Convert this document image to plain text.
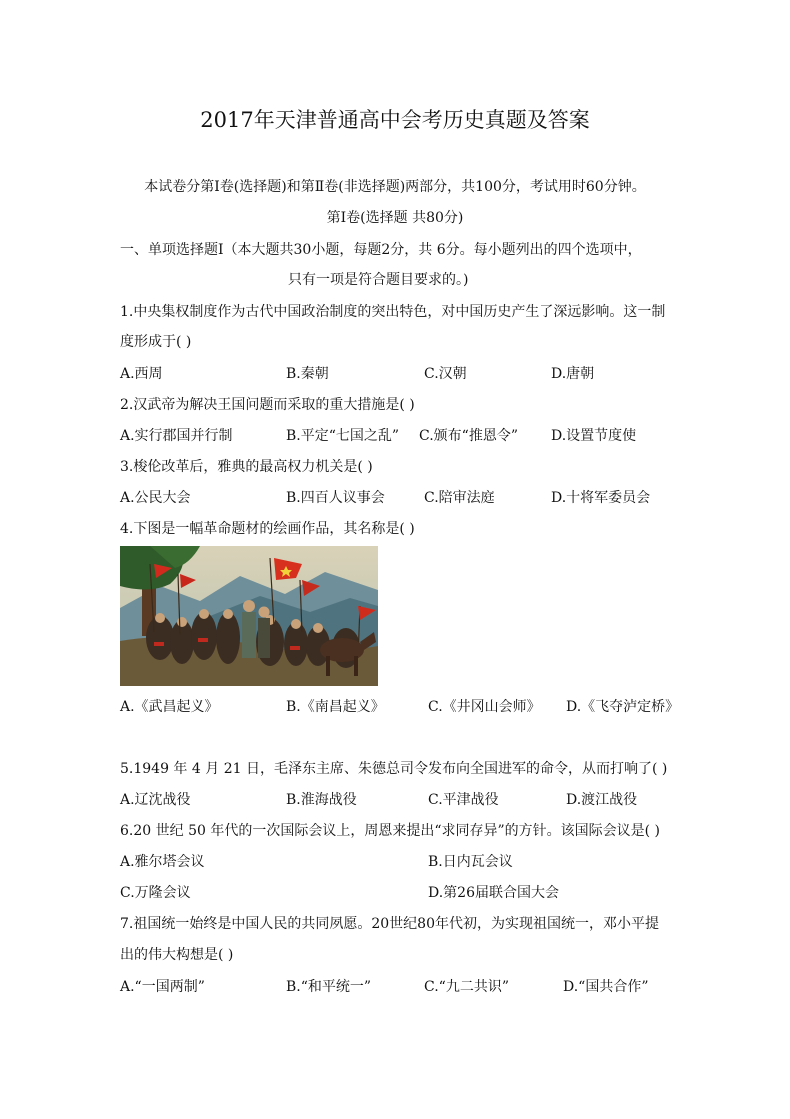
2017年天津普通高中会考历史真题及答案
本试卷分第Ⅰ卷(选择题)和第Ⅱ卷(非选择题)两部分，共100分，考试用时60分钟。
第Ⅰ卷(选择题 共80分)
一、单项选择题Ⅰ（本大题共30小题，每题2分，共 6分。每小题列出的四个选项中，
只有一项是符合题目要求的。)
1.中央集权制度作为古代中国政治制度的突出特色，对中国历史产生了深远影响。这一制
度形成于( )
A.西周	B.秦朝	C.汉朝	D.唐朝
2.汉武帝为解决王国问题而采取的重大措施是( )
A.实行郡国并行制	B.平定“七国之乱” C.颁布“推恩令” D.设置节度使
3.梭伦改革后，雅典的最高权力机关是( )
A.公民大会	B.四百人议事会	C.陪审法庭	D.十将军委员会
4.下图是一幅革命题材的绘画作品，其名称是( )
A.《武昌起义》	B.《南昌起义》	C.《井冈山会师》 D.《飞夺泸定桥》
5.1949 年 4 月 21 日，毛泽东主席、朱德总司令发布向全国进军的命令，从而打响了( )
A.辽沈战役	B.淮海战役	C.平津战役	D.渡江战役
6.20 世纪 50 年代的一次国际会议上，周恩来提出“求同存异”的方针。该国际会议是( )
A.雅尔塔会议	B.日内瓦会议
C.万隆会议	D.第26届联合国大会
7.祖国统一始终是中国人民的共同夙愿。20世纪80年代初，为实现祖国统一，邓小平提
出的伟大构想是( )
A.“一国两制”	B.“和平统一”	C.“九二共识”	D.“国共合作”
